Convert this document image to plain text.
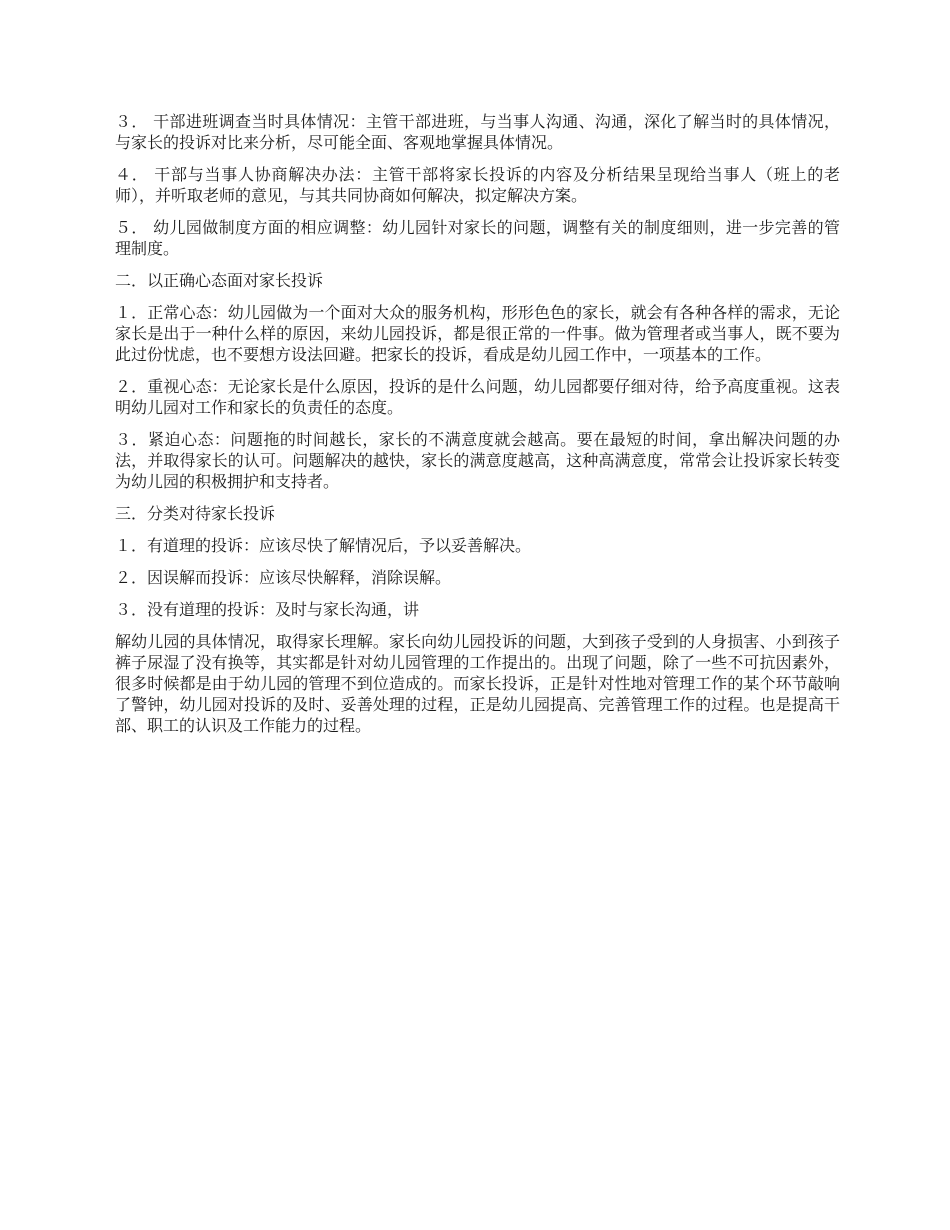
３． 干部进班调查当时具体情况：主管干部进班，与当事人沟通、沟通，深化了解当时的具体情况， 与家长的投诉对比来分析，尽可能全面、客观地掌握具体情况。

４． 干部与当事人协商解决办法：主管干部将家长投诉的内容及分析结果呈现给当事人（班上的老师），并听取老师的意见，与其共同协商如何解决，拟定解决方案。

５． 幼儿园做制度方面的相应调整：幼儿园针对家长的问题，调整有关的制度细则，进一步完善的管理制度。

二．以正确心态面对家长投诉

１．正常心态：幼儿园做为一个面对大众的服务机构，形形色色的家长，就会有各种各样的需求，无论家长是出于一种什么样的原因，来幼儿园投诉，都是很正常的一件事。做为管理者或当事人，既不要为此过份忧虑，也不要想方设法回避。把家长的投诉，看成是幼儿园工作中，一项基本的工作。

２．重视心态：无论家长是什么原因，投诉的是什么问题，幼儿园都要仔细对待，给予高度重视。这表明幼儿园对工作和家长的负责任的态度。

３．紧迫心态：问题拖的时间越长，家长的不满意度就会越高。要在最短的时间，拿出解决问题的办法，并取得家长的认可。问题解决的越快，家长的满意度越高，这种高满意度，常常会让投诉家长转变为幼儿园的积极拥护和支持者。

三．分类对待家长投诉

１．有道理的投诉：应该尽快了解情况后，予以妥善解决。

２．因误解而投诉：应该尽快解释，消除误解。

３．没有道理的投诉：及时与家长沟通，讲

解幼儿园的具体情况，取得家长理解。家长向幼儿园投诉的问题，大到孩子受到的人身损害、小到孩子裤子尿湿了没有换等，其实都是针对幼儿园管理的工作提出的。出现了问题，除了一些不可抗因素外，很多时候都是由于幼儿园的管理不到位造成的。而家长投诉，正是针对性地对管理工作的某个环节敲响了警钟，幼儿园对投诉的及时、妥善处理的过程，正是幼儿园提高、完善管理工作的过程。也是提高干部、职工的认识及工作能力的过程。
